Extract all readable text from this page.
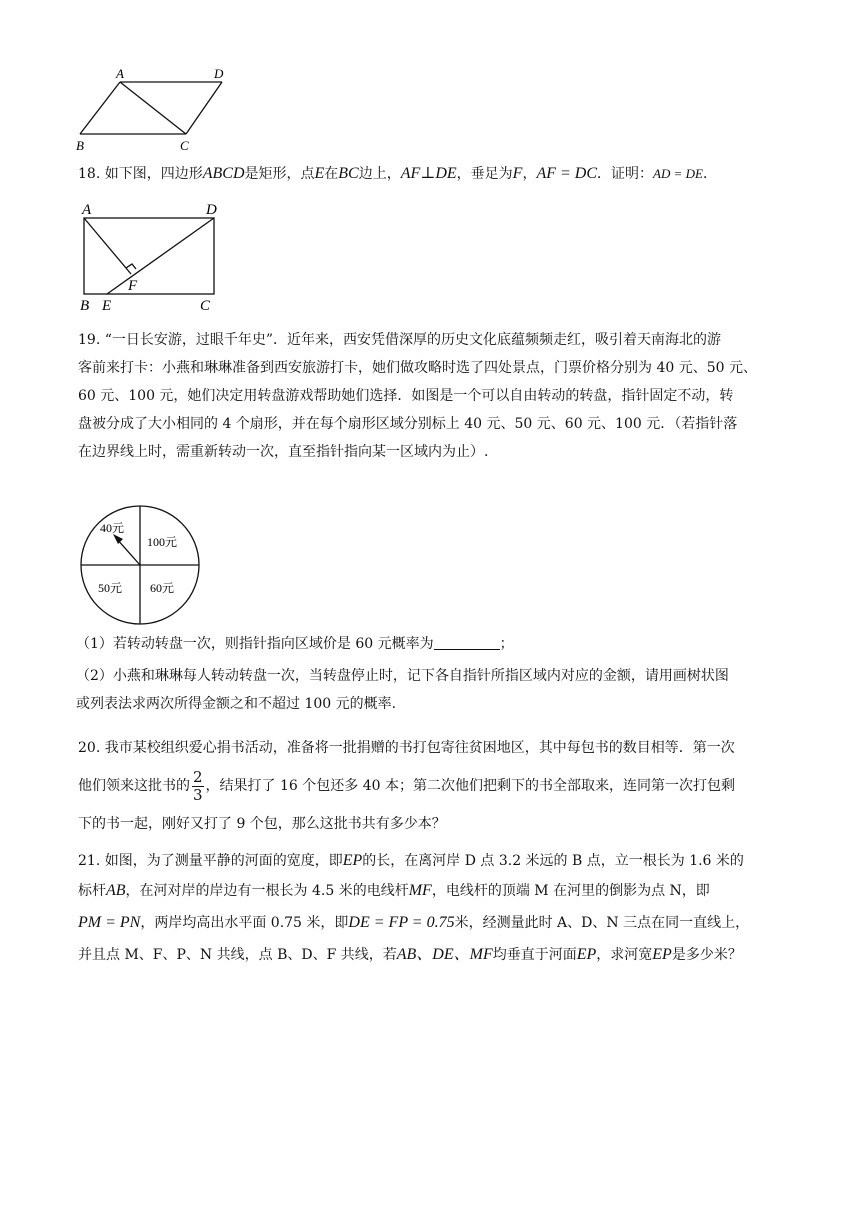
A	D
B	C
18. 如下图，四边形ABCD是矩形，点E在BC边上，AF⊥DE，垂足为F，AF = DC．证明：AD = DE．
A	D
B E
F
C
19. “一日长安游，过眼千年史”．近年来，西安凭借深厚的历史文化底蕴频频走红，吸引着天南海北的游
客前来打卡：小燕和琳琳准备到西安旅游打卡，她们做攻略时选了四处景点，门票价格分别为 40 元、50 元、
60 元、100 元，她们决定用转盘游戏帮助她们选择．如图是一个可以自由转动的转盘，指针固定不动，转
盘被分成了大小相同的 4 个扇形，并在每个扇形区域分别标上 40 元、50 元、60 元、100 元．（若指针落
在边界线上时，需重新转动一次，直至指针指向某一区域内为止）.
40元
100元
50元 60元
（1）若转动转盘一次，则指针指向区域价是 60 元概率为	；
（2）小燕和琳琳每人转动转盘一次，当转盘停止时，记下各自指针所指区域内对应的金额，请用画树状图
或列表法求两次所得金额之和不超过 100 元的概率.
20. 我市某校组织爱心捐书活动，准备将一批捐赠的书打包寄往贫困地区，其中每包书的数目相等．第一次
他们领来这批书的 $\frac{2}{3}$ ，结果打了 16 个包还多 40 本；第二次他们把剩下的书全部取来，连同第一次打包剩
下的书一起，刚好又打了 9 个包，那么这批书共有多少本？
21. 如图，为了测量平静的河面的宽度，即EP的长，在离河岸 D 点 3.2 米远的 B 点，立一根长为 1.6 米的
标杆AB，在河对岸的岸边有一根长为 4.5 米的电线杆MF，电线杆的顶端 M 在河里的倒影为点 N，即
PM = PN，两岸均高出水平面 0.75 米，即DE = FP = 0.75米，经测量此时 A、D、N 三点在同一直线上，
并且点 M、F、P、N 共线，点 B、D、F 共线，若AB、DE、MF均垂直于河面EP，求河宽EP是多少米？
